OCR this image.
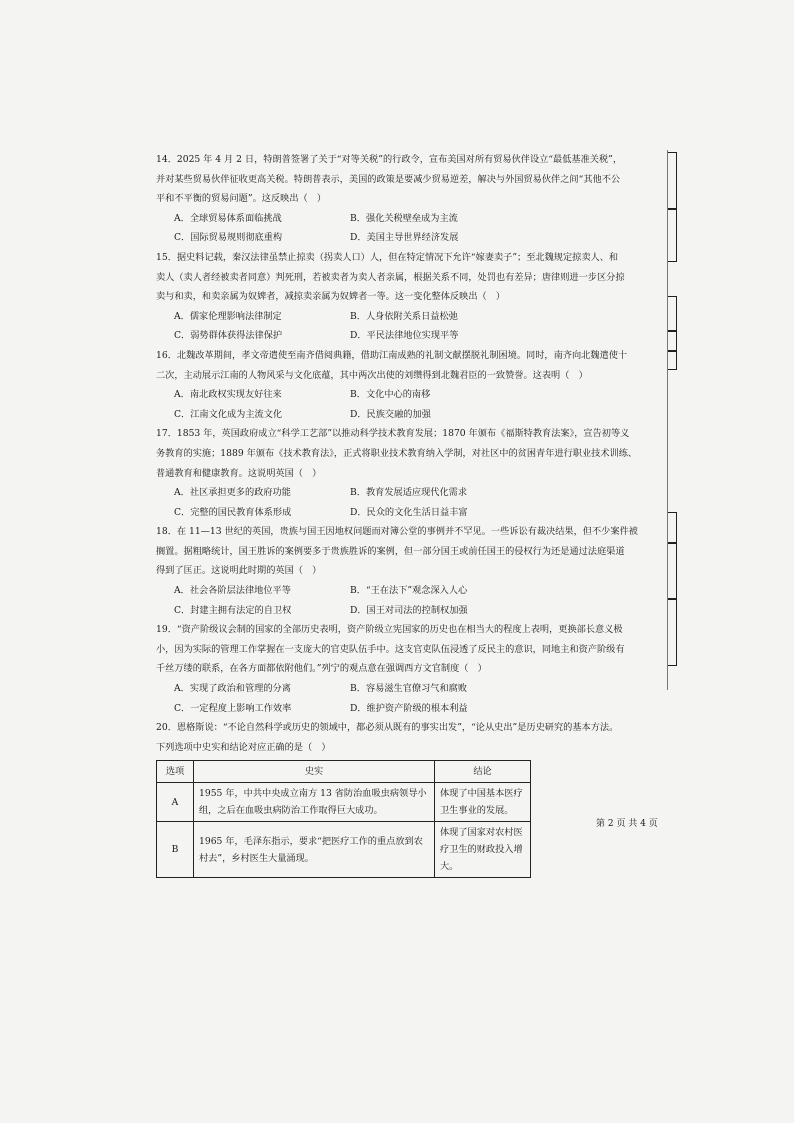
14．2025 年 4 月 2 日，特朗普签署了关于“对等关税”的行政令，宣布美国对所有贸易伙伴设立“最低基准关税”，
并对某些贸易伙伴征收更高关税。特朗普表示，美国的政策是要减少贸易逆差，解决与外国贸易伙伴之间“其他不公
平和不平衡的贸易问题”。这反映出（　）
A．全球贸易体系面临挑战	B．强化关税壁垒成为主流
C．国际贸易规则彻底重构	D．美国主导世界经济发展
15．据史料记载，秦汉法律虽禁止掠卖（拐卖人口）人，但在特定情况下允许“嫁妻卖子”；至北魏规定掠卖人、和
卖人（卖人者经被卖者同意）判死刑，若被卖者为卖人者亲属，根据关系不同，处罚也有差异；唐律则进一步区分掠
卖与和卖，和卖亲属为奴婢者，减掠卖亲属为奴婢者一等。这一变化整体反映出（　）
A．儒家伦理影响法律制定	B．人身依附关系日益松弛
C．弱势群体获得法律保护	D．平民法律地位实现平等
16．北魏改革期间，孝文帝遣使至南齐借阅典籍，借助江南成熟的礼制文献摆脱礼制困境。同时，南齐向北魏遣使十
二次，主动展示江南的人物风采与文化底蕴，其中两次出使的刘缵得到北魏君臣的一致赞誉。这表明（　）
A．南北政权实现友好往来	B．文化中心的南移
C．江南文化成为主流文化	D．民族交融的加强
17．1853 年，英国政府成立“科学工艺部”以推动科学技术教育发展；1870 年颁布《福斯特教育法案》，宣告初等义
务教育的实施；1889 年颁布《技术教育法》，正式将职业技术教育纳入学制，对社区中的贫困青年进行职业技术训练、
普通教育和健康教育。这说明英国（　）
A．社区承担更多的政府功能	B．教育发展适应现代化需求
C．完整的国民教育体系形成	D．民众的文化生活日益丰富
18．在 11—13 世纪的英国，贵族与国王因地权问题而对簿公堂的事例并不罕见。一些诉讼有裁决结果，但不少案件被
搁置。据粗略统计，国王胜诉的案例要多于贵族胜诉的案例，但一部分国王或前任国王的侵权行为还是通过法庭渠道
得到了匡正。这说明此时期的英国（　）
A．社会各阶层法律地位平等	B．“王在法下”观念深入人心
C．封建主拥有法定的自卫权	D．国王对司法的控制权加强
19．“资产阶级议会制的国家的全部历史表明，资产阶级立宪国家的历史也在相当大的程度上表明，更换部长意义极
小，因为实际的管理工作掌握在一支庞大的官吏队伍手中。这支官吏队伍浸透了反民主的意识，同地主和资产阶级有
千丝万缕的联系，在各方面都依附他们。”列宁的观点意在强调西方文官制度（　）
A．实现了政治和管理的分离	B．容易滋生官僚习气和腐败
C．一定程度上影响工作效率	D．维护资产阶级的根本利益
20．恩格斯说：“不论自然科学或历史的领域中，都必须从既有的事实出发”，“论从史出”是历史研究的基本方法。
下列选项中史实和结论对应正确的是（　）
选项	史实	结论
A	1955 年，中共中央成立南方 13 省防治血吸虫病领导小组，之后在血吸虫病防治工作取得巨大成功。	体现了中国基本医疗卫生事业的发展。
B	1965 年，毛泽东指示，要求“把医疗工作的重点放到农村去”，乡村医生大量涌现。	体现了国家对农村医疗卫生的财政投入增大。
第 2 页 共 4 页
